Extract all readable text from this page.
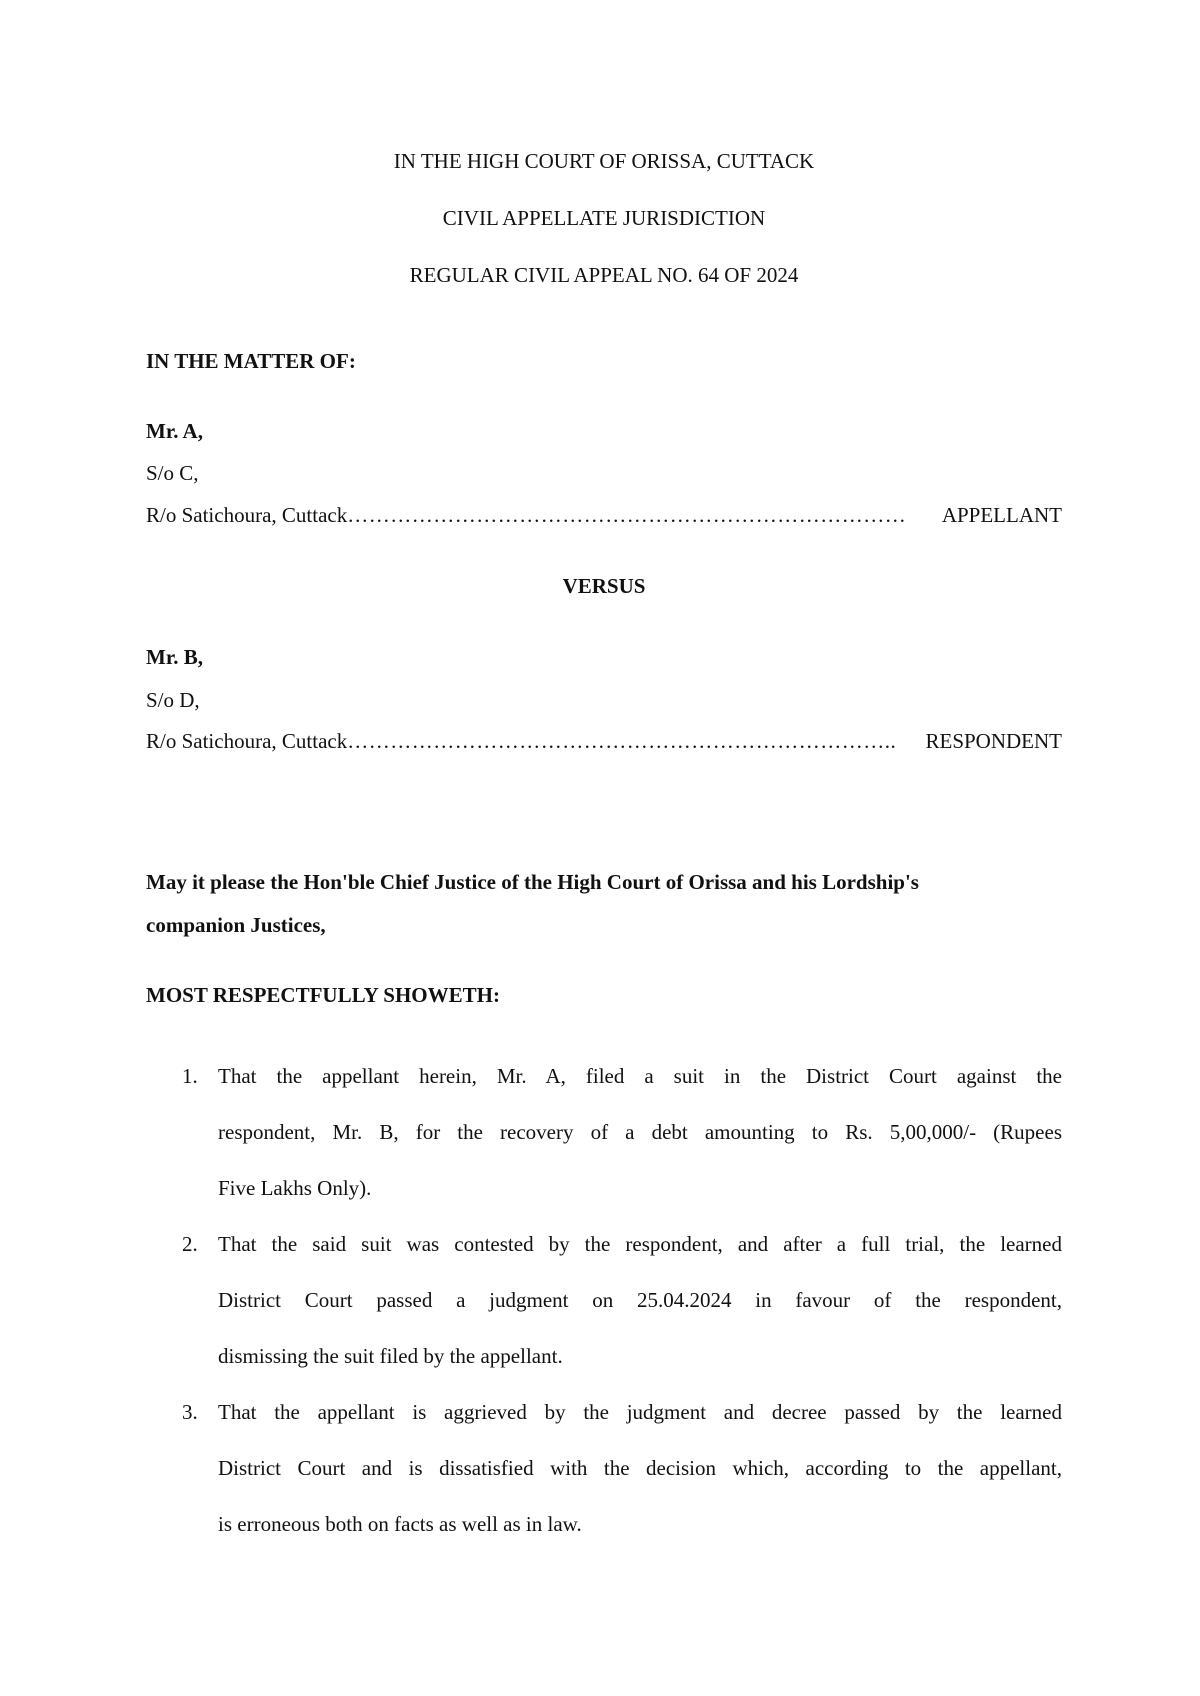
IN THE HIGH COURT OF ORISSA, CUTTACK
CIVIL APPELLATE JURISDICTION
REGULAR CIVIL APPEAL NO. 64 OF 2024
IN THE MATTER OF:
Mr. A,
S/o C,
R/o Satichoura, Cuttack ……………………………………………………………………	APPELLANT
VERSUS
Mr. B,
S/o D,
R/o Satichoura, Cuttack …………………………………………………………………..	RESPONDENT
May it please the Hon'ble Chief Justice of the High Court of Orissa and his Lordship's
companion Justices,
MOST RESPECTFULLY SHOWETH:
1. That the appellant herein, Mr. A, filed a suit in the District Court against the
respondent, Mr. B, for the recovery of a debt amounting to Rs. 5,00,000/- (Rupees
Five Lakhs Only).
2. That the said suit was contested by the respondent, and after a full trial, the learned
District Court passed a judgment on 25.04.2024 in favour of the respondent,
dismissing the suit filed by the appellant.
3. That the appellant is aggrieved by the judgment and decree passed by the learned
District Court and is dissatisfied with the decision which, according to the appellant,
is erroneous both on facts as well as in law.
